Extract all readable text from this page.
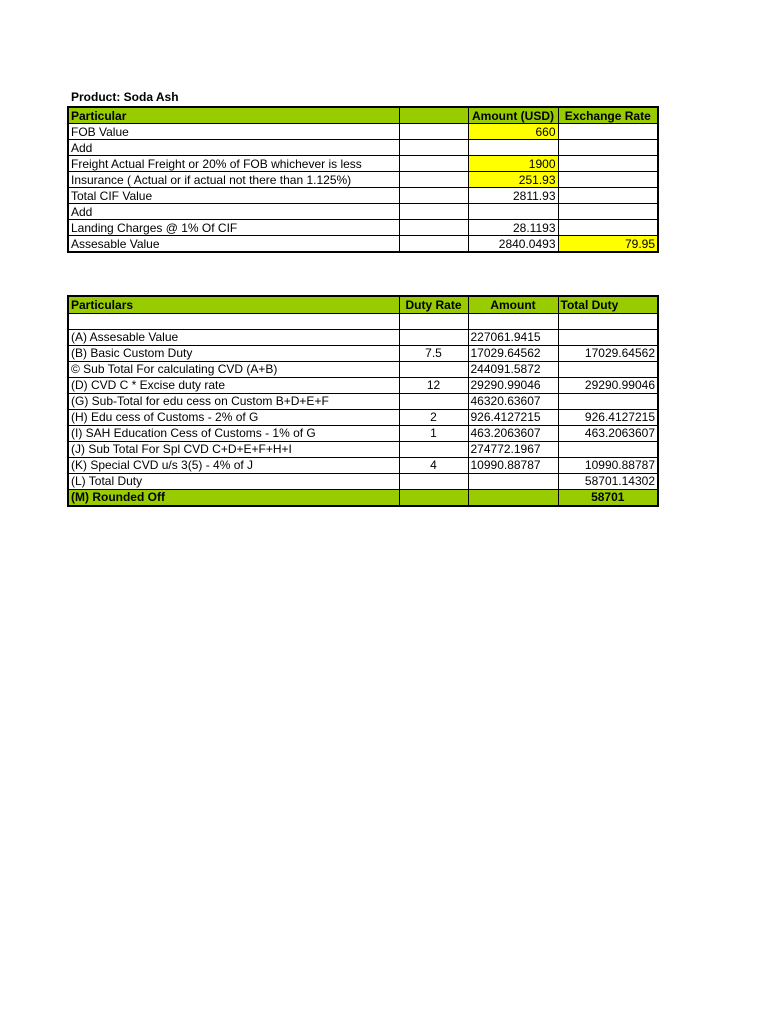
Product: Soda Ash
Particular		Amount (USD)	Exchange Rate
FOB Value		660	
Add			
Freight Actual Freight or 20% of FOB whichever is less		1900	
Insurance ( Actual or if actual not there than 1.125%)		251.93	
Total CIF Value		2811.93	
Add			
Landing Charges @ 1% Of CIF		28.1193	
Assesable Value		2840.0493	79.95
Particulars	Duty Rate	Amount	Total Duty

(A) Assesable Value		227061.9415	
(B) Basic Custom Duty	7.5	17029.64562	17029.64562
© Sub Total For calculating CVD (A+B)		244091.5872	
(D) CVD C * Excise duty rate	12	29290.99046	29290.99046
(G) Sub-Total for edu cess on Custom B+D+E+F		46320.63607	
(H) Edu cess of Customs - 2% of G	2	926.4127215	926.4127215
(I) SAH Education Cess of Customs - 1% of G	1	463.2063607	463.2063607
(J) Sub Total For Spl CVD C+D+E+F+H+I		274772.1967	
(K) Special CVD u/s 3(5) - 4% of J	4	10990.88787	10990.88787
(L) Total Duty			58701.14302
(M) Rounded Off			58701
